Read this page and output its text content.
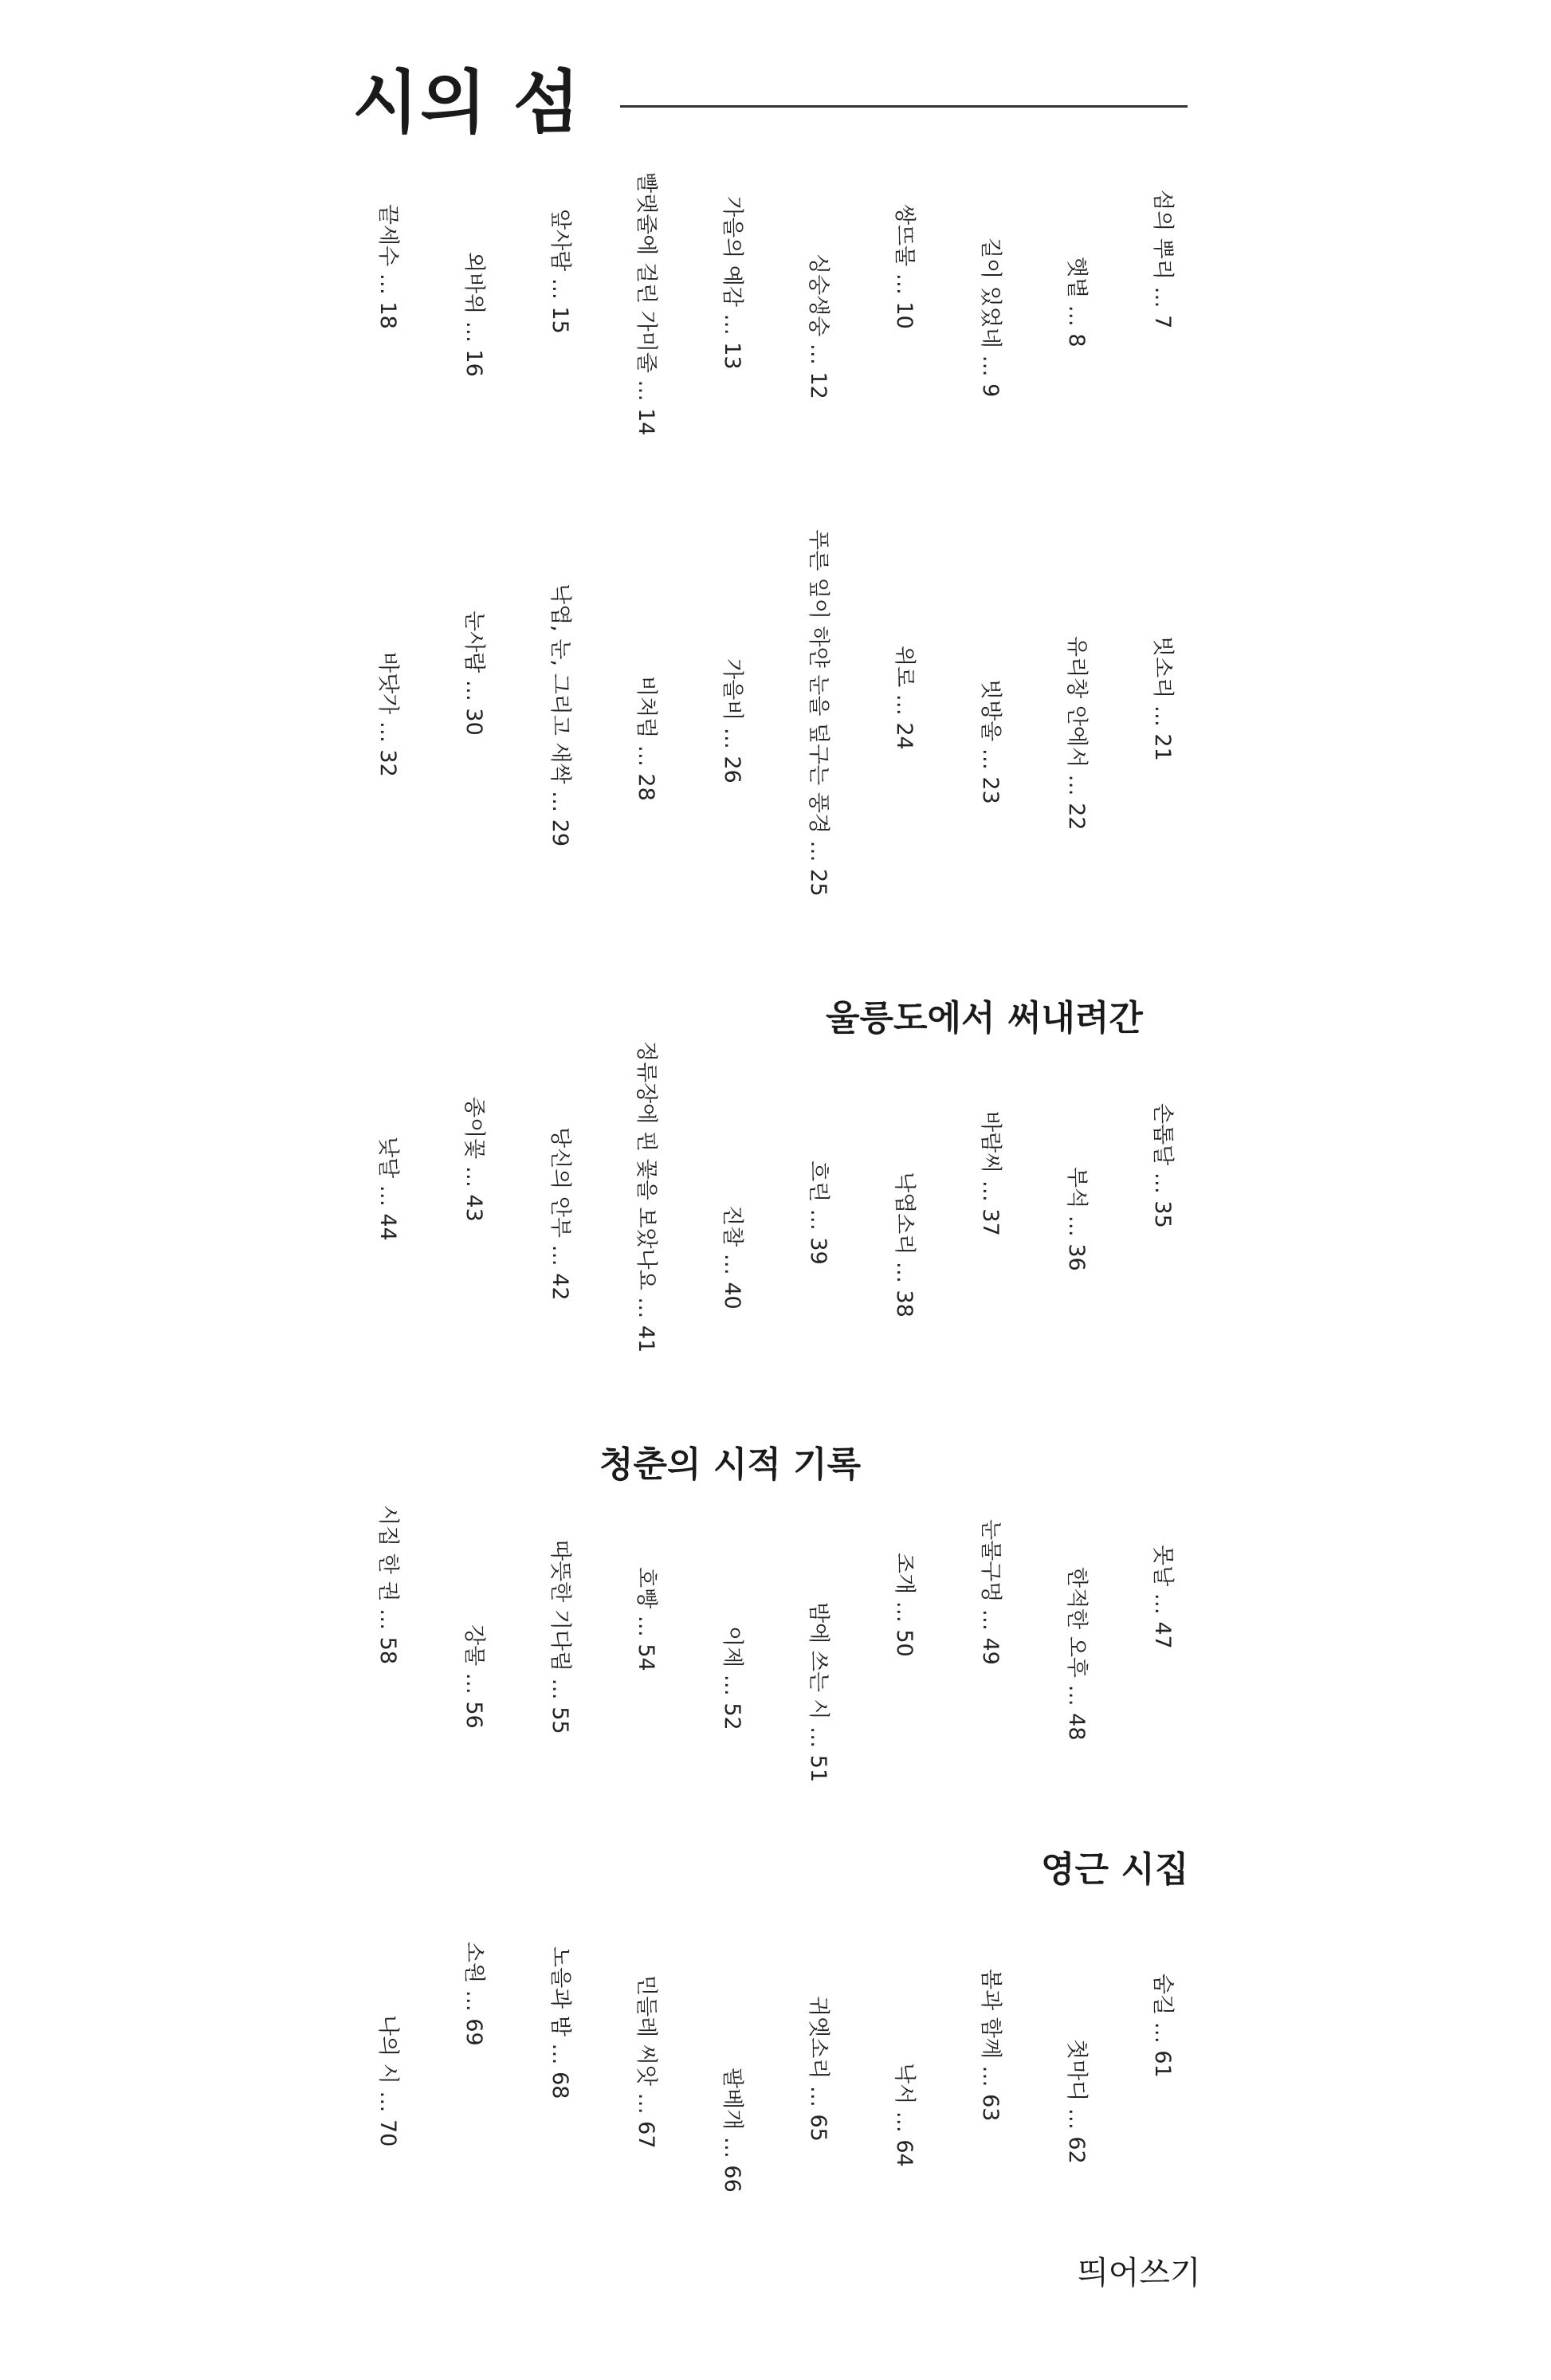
시의 섬
울릉도에서 써내려간
청춘의 시적 기록
영근 시집
섬의 뿌리 … 7
햇볕 … 8
길이 있었네 … 9
쌍뜨물 … 10
싱숭생숭 … 12
가을의 예감 … 13
빨랫줄에 걸린 가미줄 … 14
앞사람 … 15
외바위 … 16
끝세수 … 18
빗소리 … 21
유리창 안에서 … 22
빗방울 … 23
위로 … 24
푸른 잎이 하얀 눈을 덮구는 풍경 … 25
가을비 … 26
비처럼 … 28
낙엽, 눈, 그리고 새싹 … 29
눈사람 … 30
바닷가 … 32
손톱달 … 35
부석 … 36
바람씨 … 37
낙엽소리 … 38
흐린 … 39
진찰 … 40
정류장에 핀 꽃을 보았나요 … 41
당신의 안부 … 42
종이꽃 … 43
낮달 … 44
못날 … 47
한적한 오후 … 48
눈물구멍 … 49
조개 … 50
밤에 쓰는 시 … 51
이제 … 52
호빵 … 54
따뜻한 기다림 … 55
강물 … 56
시집 한 권 … 58
숨길 … 61
첫마디 … 62
봄과 함께 … 63
낙서 … 64
귀엣소리 … 65
팔베개 … 66
민들레 씨앗 … 67
노을과 밤 … 68
소원 … 69
나의 시 … 70
띄어쓰기
